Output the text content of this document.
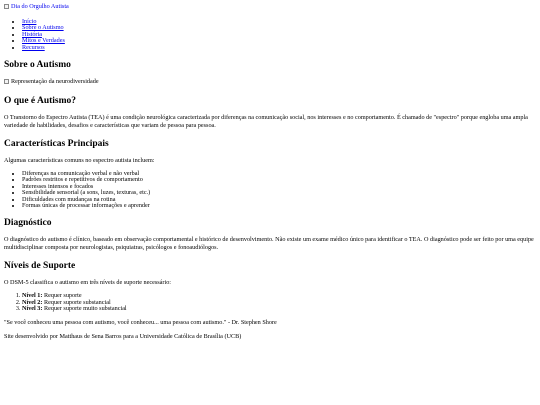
Dia do Orgulho Autista
• Início
• Sobre o Autismo
• História
• Mitos e Verdades
• Recursos
Sobre o Autismo
Representação da neurodiversidade
O que é Autismo?

O Transtorno do Espectro Autista (TEA) é uma condição neurológica caracterizada por diferenças na comunicação social, nos interesses e no comportamento. É chamado de "espectro" porque engloba uma ampla variedade de habilidades, desafios e características que variam de pessoa para pessoa.

Características Principais

Algumas características comuns no espectro autista incluem:

• Diferenças na comunicação verbal e não verbal
• Padrões restritos e repetitivos de comportamento
• Interesses intensos e focados
• Sensibilidade sensorial (a sons, luzes, texturas, etc.)
• Dificuldades com mudanças na rotina
• Formas únicas de processar informações e aprender
Diagnóstico

O diagnóstico do autismo é clínico, baseado em observação comportamental e histórico de desenvolvimento. Não existe um exame médico único para identificar o TEA. O diagnóstico pode ser feito por uma equipe multidisciplinar composta por neurologistas, psiquiatras, psicólogos e fonoaudiólogos.

Níveis de Suporte

O DSM-5 classifica o autismo em três níveis de suporte necessário:

1. Nível 1: Requer suporte
2. Nível 2: Requer suporte substancial
3. Nível 3: Requer suporte muito substancial

"Se você conheceu uma pessoa com autismo, você conheceu... uma pessoa com autismo." - Dr. Stephen Shore

Site desenvolvido por Matthaus de Sena Barros para a Universidade Católica de Brasília (UCB)
